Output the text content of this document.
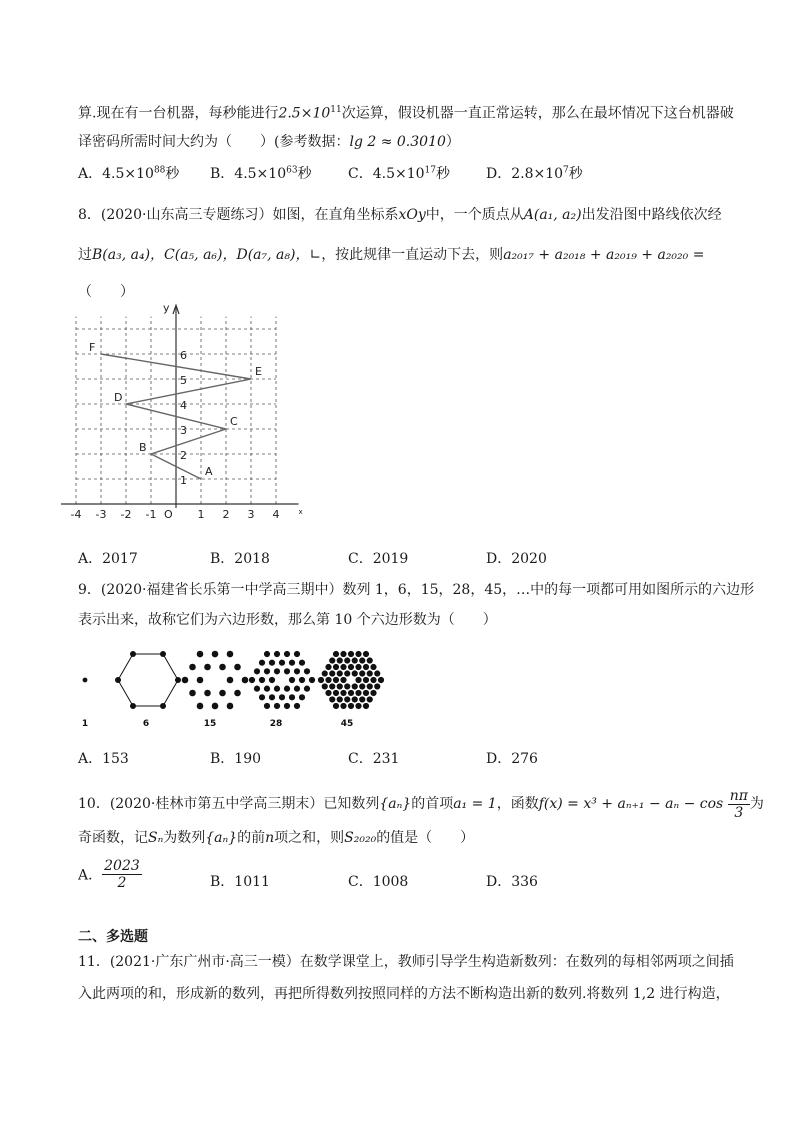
算.现在有一台机器，每秒能进行$2.5\times 10^{11}$次运算，假设机器一直正常运转，那么在最坏情况下这台机器破
译密码所需时间大约为（　　）(参考数据：lg 2 ≈ 0.3010）
A．$4.5\times 10^{88}$秒 B．$4.5\times 10^{63}$秒	C．$4.5\times 10^{17}$秒	D．$2.8\times 10^7$秒
8．(2020·山东高三专题练习）如图，在直角坐标系xOy中，一个质点从A(a₁, a₂)出发沿图中路线依次经
过B(a₃, a₄)，C(a₅, a₆)，D(a₇, a₈)，∟，按此规律一直运动下去，则a₂₀₁₇ + a₂₀₁₈ + a₂₀₁₉ + a₂₀₂₀ =
（　　）
-4 -3 -2 -1	1 2 3 4
1
2
3
4
5
6
O
y
x
A
B
C
D
E
F
A．2017	B．2018	C．2019	D．2020
9．(2020·福建省长乐第一中学高三期中）数列 1，6，15，28，45，…中的每一项都可用如图所示的六边形
表示出来，故称它们为六边形数，那么第 10 个六边形数为（　　）
1	6	15	28	45
A．153	B．190	C．231	D．276
10．(2020·桂林市第五中学高三期末）已知数列{aₙ}的首项a₁ = 1，函数$f(x) = x^3 + a_{n+1} - a_n - \cos \frac{n\pi}{3}$ 为
奇函数，记Sₙ为数列{aₙ}的前n项之和，则S₂₀₂₀的值是（　　）
A． $\frac{2023}{2}$	B．1011	C．1008	D．336
二、多选题
11．(2021·广东广州市·高三一模）在数学课堂上，教师引导学生构造新数列：在数列的每相邻两项之间插
入此两项的和，形成新的数列，再把所得数列按照同样的方法不断构造出新的数列.将数列 1,2 进行构造，
